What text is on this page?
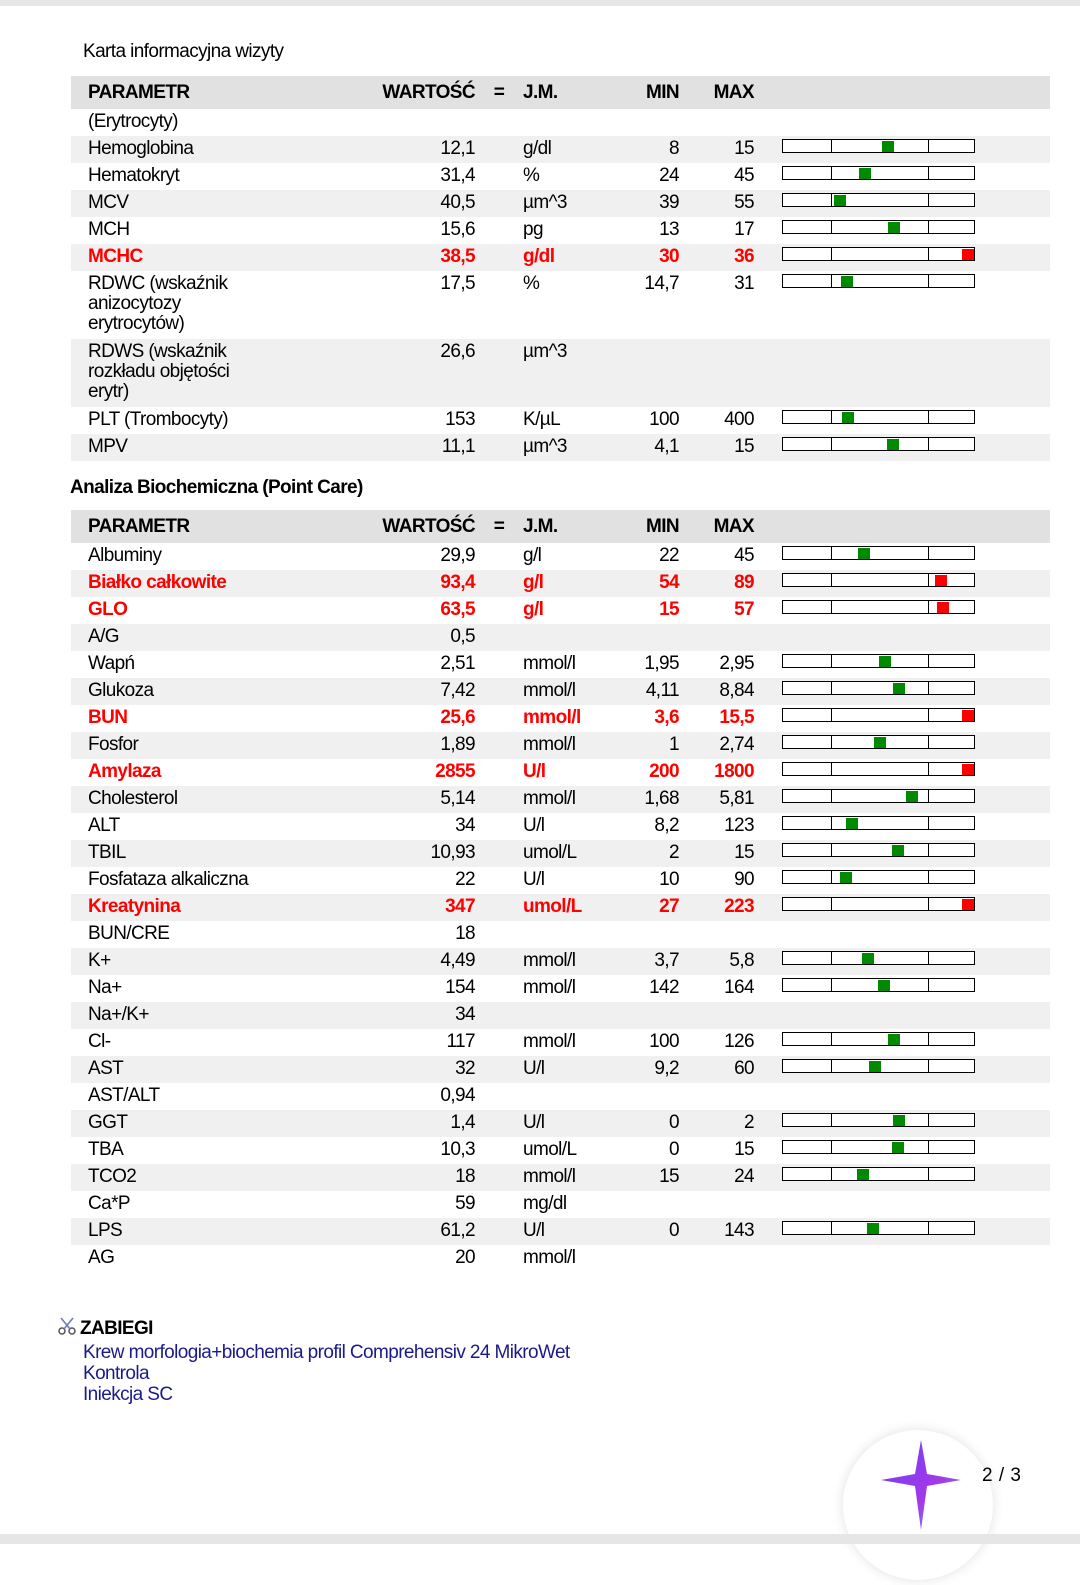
Karta informacyjna wizyty
PARAMETR	WARTOŚĆ	=	J.M.	MIN	MAX	
(Erytrocyty)						
Hemoglobina	12,1		g/dl	8	15	

Hematokryt	31,4		%	24	45	

MCV	40,5		µm^3	39	55	

MCH	15,6		pg	13	17	

MCHC	38,5		g/dl	30	36	

RDWC (wskaźnik anizocytozy erytrocytów)	17,5		%	14,7	31	

RDWS (wskaźnik rozkładu objętości erytr)	26,6		µm^3			
PLT (Trombocyty)	153		K/µL	100	400	

MPV	11,1		µm^3	4,1	15	
Analiza Biochemiczna (Point Care)
PARAMETR	WARTOŚĆ	=	J.M.	MIN	MAX	
Albuminy	29,9		g/l	22	45	

Białko całkowite	93,4		g/l	54	89	

GLO	63,5		g/l	15	57	

A/G	0,5					
Wapń	2,51		mmol/l	1,95	2,95	

Glukoza	7,42		mmol/l	4,11	8,84	

BUN	25,6		mmol/l	3,6	15,5	

Fosfor	1,89		mmol/l	1	2,74	

Amylaza	2855		U/l	200	1800	

Cholesterol	5,14		mmol/l	1,68	5,81	

ALT	34		U/l	8,2	123	

TBIL	10,93		umol/L	2	15	

Fosfataza alkaliczna	22		U/l	10	90	

Kreatynina	347		umol/L	27	223	

BUN/CRE	18					
K+	4,49		mmol/l	3,7	5,8	

Na+	154		mmol/l	142	164	

Na+/K+	34					
Cl-	117		mmol/l	100	126	

AST	32		U/l	9,2	60	

AST/ALT	0,94					
GGT	1,4		U/l	0	2	

TBA	10,3		umol/L	0	15	

TCO2	18		mmol/l	15	24	

Ca*P	59		mg/dl			
LPS	61,2		U/l	0	143	

AG	20		mmol/l			
ZABIEGI
Krew morfologia+biochemia profil Comprehensiv 24 MikroWet
Kontrola
Iniekcja SC
2 / 3
